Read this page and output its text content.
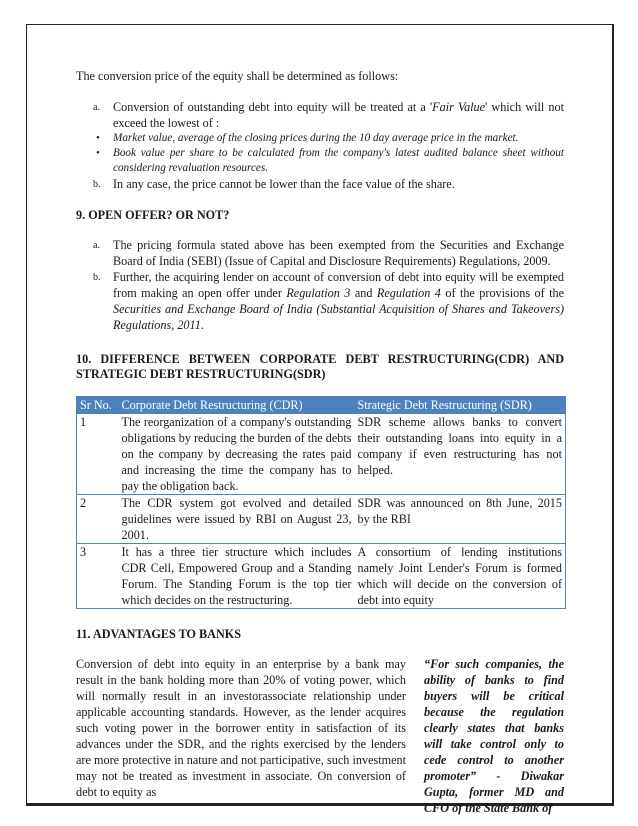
The conversion price of the equity shall be determined as follows:

a. Conversion of outstanding debt into equity will be treated at a 'Fair Value' which will not exceed the lowest of :
• Market value, average of the closing prices during the 10 day average price in the market.
• Book value per share to be calculated from the company's latest audited balance sheet without considering revaluation resources.
b. In any case, the price cannot be lower than the face value of the share.
9. OPEN OFFER? OR NOT?
a. The pricing formula stated above has been exempted from the Securities and Exchange Board of India (SEBI) (Issue of Capital and Disclosure Requirements) Regulations, 2009.
b. Further, the acquiring lender on account of conversion of debt into equity will be exempted from making an open offer under Regulation 3 and Regulation 4 of the provisions of the Securities and Exchange Board of India (Substantial Acquisition of Shares and Takeovers) Regulations, 2011.
10. DIFFERENCE BETWEEN CORPORATE DEBT RESTRUCTURING(CDR) AND STRATEGIC DEBT RESTRUCTURING(SDR)
Sr No.	Corporate Debt Restructuring (CDR)	Strategic Debt Restructuring (SDR)
1	The reorganization of a company's outstanding obligations by reducing the burden of the debts on the company by decreasing the rates paid and increasing the time the company has to pay the obligation back.	SDR scheme allows banks to convert their outstanding loans into equity in a company if even restructuring has not helped.
2	The CDR system got evolved and detailed guidelines were issued by RBI on August 23, 2001.	SDR was announced on 8th June, 2015 by the RBI
3	It has a three tier structure which includes CDR Cell, Empowered Group and a Standing Forum. The Standing Forum is the top tier which decides on the restructuring.	A consortium of lending institutions namely Joint Lender's Forum is formed which will decide on the conversion of debt into equity
11. ADVANTAGES TO BANKS

Conversion of debt into equity in an enterprise by a bank may result in the bank holding more than 20% of voting power, which will normally result in an investorassociate relationship under applicable accounting standards. However, as the lender acquires such voting power in the borrower entity in satisfaction of its advances under the SDR, and the rights exercised by the lenders are more protective in nature and not participative, such investment may not be treated as investment in associate. On conversion of debt to equity as

“For such companies, the ability of banks to find buyers will be critical because the regulation clearly states that banks will take control only to cede control to another promoter” - Diwakar Gupta, former MD and CFO of the State Bank of
